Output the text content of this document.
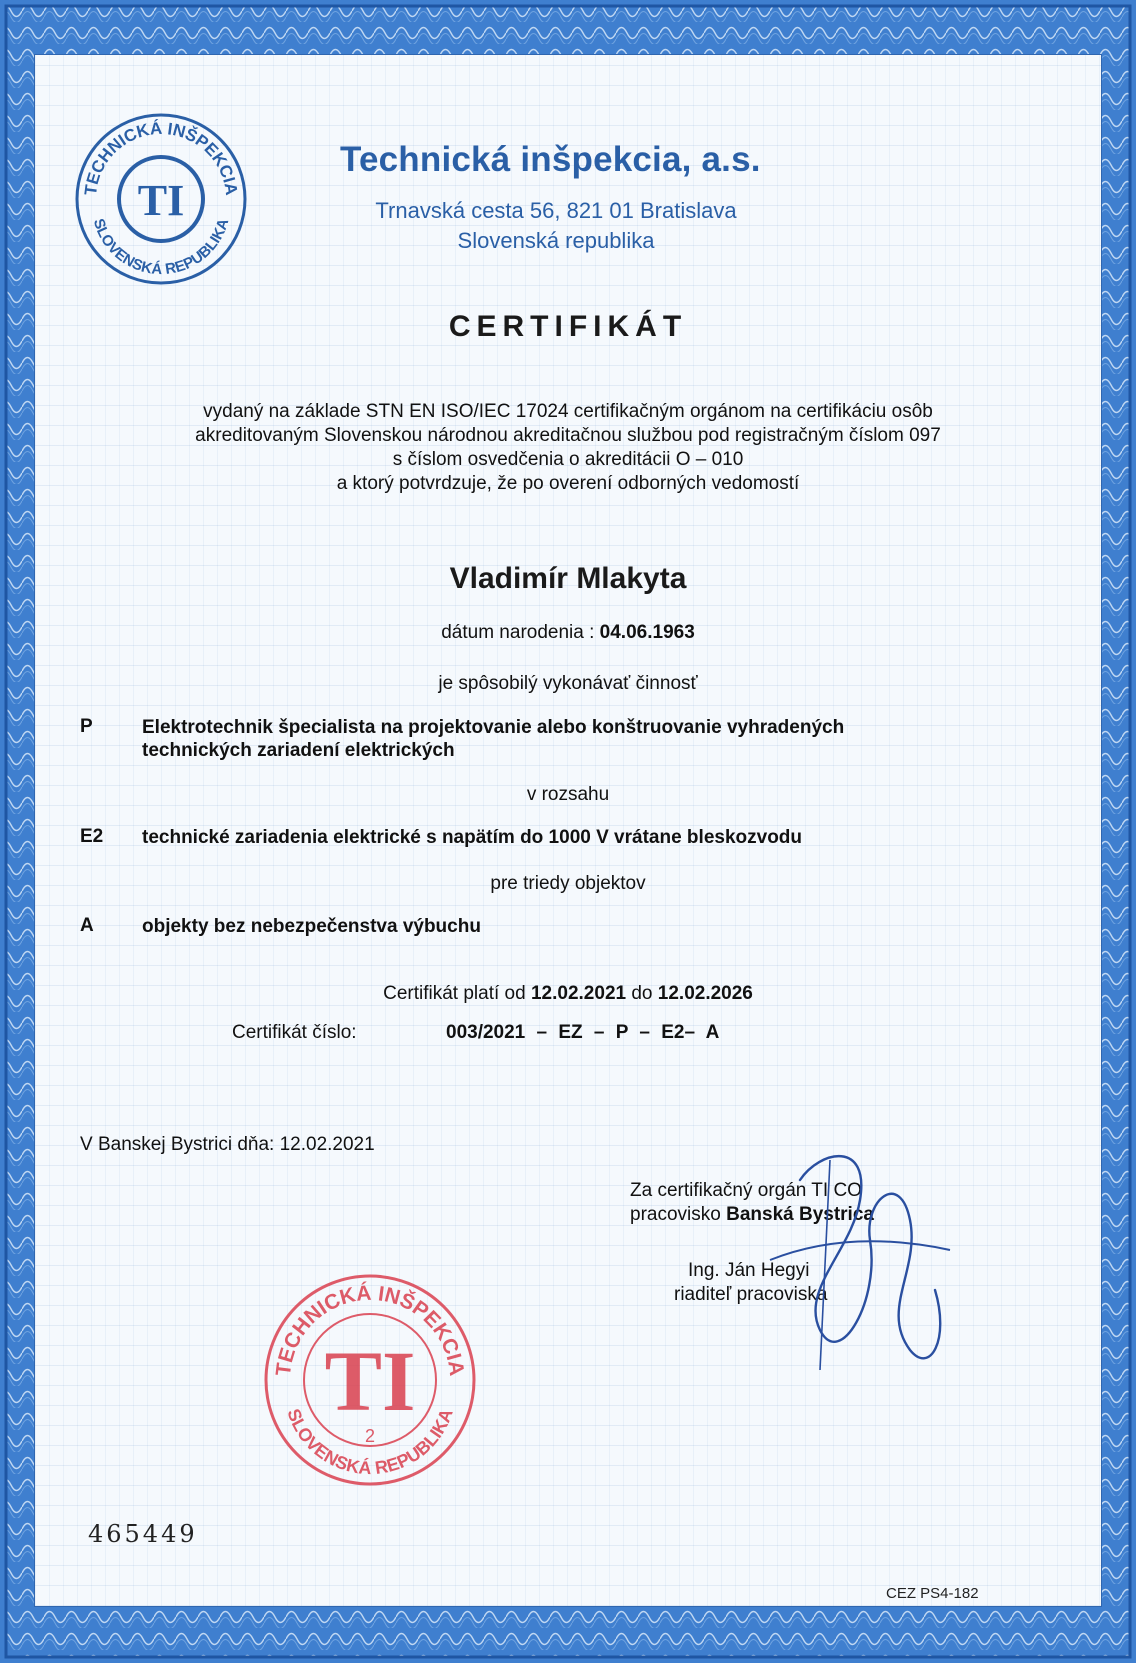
TECHNICKÁ INŠPEKCIA
SLOVENSKÁ REPUBLIKA
TI
Technická inšpekcia, a.s.
Trnavská cesta 56, 821 01 Bratislava
Slovenská republika
CERTIFIKÁT
vydaný na základe STN EN ISO/IEC 17024 certifikačným orgánom na certifikáciu osôb
akreditovaným Slovenskou národnou akreditačnou službou pod registračným číslom 097
s číslom osvedčenia o akreditácii O – 010
a ktorý potvrdzuje, že po overení odborných vedomostí
Vladimír Mlakyta
dátum narodenia : 04.06.1963
je spôsobilý vykonávať činnosť
P	Elektrotechnik špecialista na projektovanie alebo konštruovanie vyhradených
technických zariadení elektrických
v rozsahu
E2 technické zariadenia elektrické s napätím do 1000 V vrátane bleskozvodu
pre triedy objektov
A	objekty bez nebezpečenstva výbuchu
Certifikát platí od 12.02.2021 do 12.02.2026
Certifikát číslo:	003/2021 – EZ – P – E2– A
V Banskej Bystrici dňa: 12.02.2021
Za certifikačný orgán TI CO
pracovisko Banská Bystrica
Ing. Ján Hegyi
riaditeľ pracoviska
TECHNICKÁ INŠPEKCIA
SLOVENSKÁ REPUBLIKA
TI
2
465449
CEZ PS4-182
